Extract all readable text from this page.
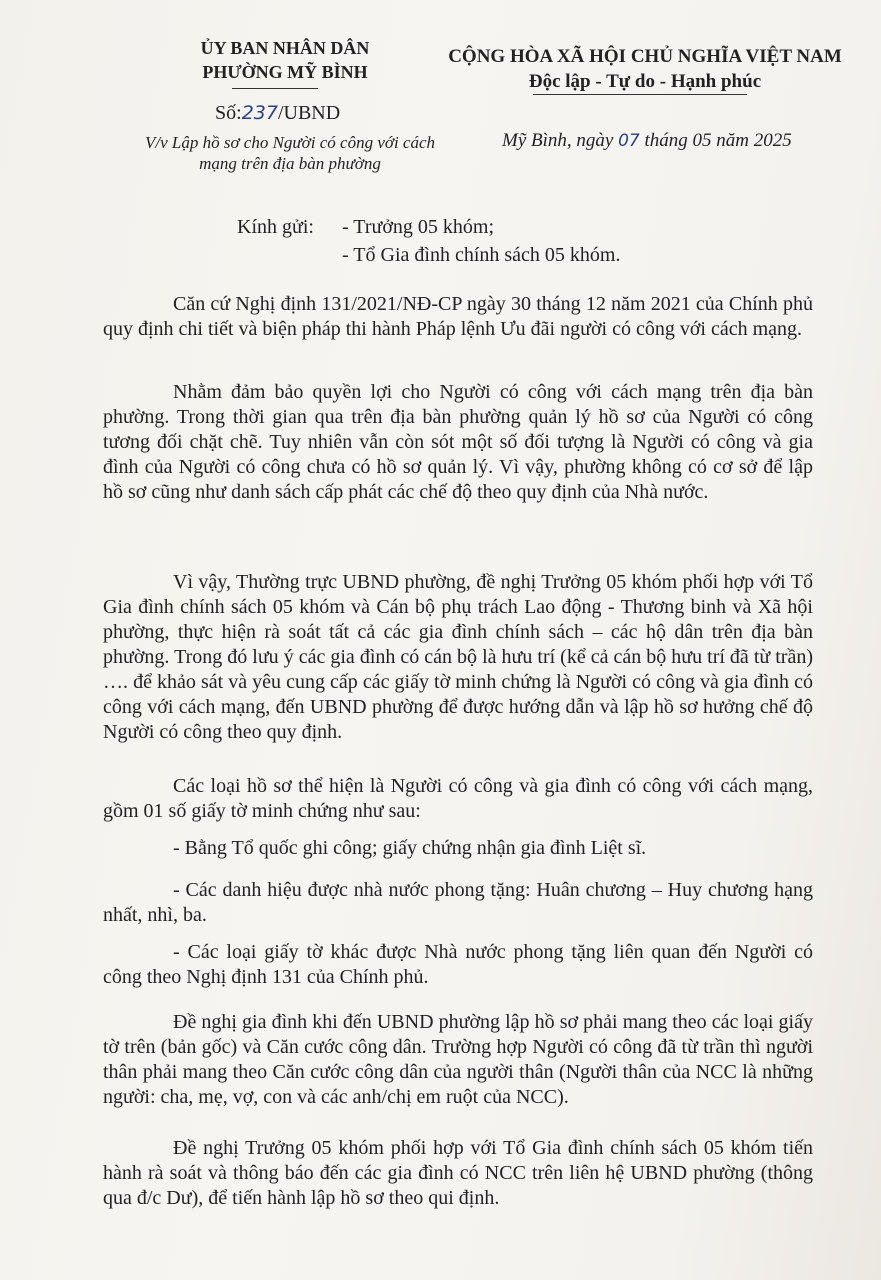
ỦY BAN NHÂN DÂN
PHƯỜNG MỸ BÌNH
CỘNG HÒA XÃ HỘI CHỦ NGHĨA VIỆT NAM
Độc lập - Tự do - Hạnh phúc
Số:237/UBND
V/v Lập hồ sơ cho Người có công với cách mạng trên địa bàn phường
Mỹ Bình, ngày 07 tháng 05 năm 2025
Kính gửi: - Trưởng 05 khóm;
- Tổ Gia đình chính sách 05 khóm.

Căn cứ Nghị định 131/2021/NĐ-CP ngày 30 tháng 12 năm 2021 của Chính phủ quy định chi tiết và biện pháp thi hành Pháp lệnh Ưu đãi người có công với cách mạng.

Nhằm đảm bảo quyền lợi cho Người có công với cách mạng trên địa bàn phường. Trong thời gian qua trên địa bàn phường quản lý hồ sơ của Người có công tương đối chặt chẽ. Tuy nhiên vẫn còn sót một số đối tượng là Người có công và gia đình của Người có công chưa có hồ sơ quản lý. Vì vậy, phường không có cơ sở để lập hồ sơ cũng như danh sách cấp phát các chế độ theo quy định của Nhà nước.

Vì vậy, Thường trực UBND phường, đề nghị Trưởng 05 khóm phối hợp với Tổ Gia đình chính sách 05 khóm và Cán bộ phụ trách Lao động - Thương binh và Xã hội phường, thực hiện rà soát tất cả các gia đình chính sách – các hộ dân trên địa bàn phường. Trong đó lưu ý các gia đình có cán bộ là hưu trí (kể cả cán bộ hưu trí đã từ trần) …. để khảo sát và yêu cung cấp các giấy tờ minh chứng là Người có công và gia đình có công với cách mạng, đến UBND phường để được hướng dẫn và lập hồ sơ hưởng chế độ Người có công theo quy định.

Các loại hồ sơ thể hiện là Người có công và gia đình có công với cách mạng, gồm 01 số giấy tờ minh chứng như sau:

- Bằng Tổ quốc ghi công; giấy chứng nhận gia đình Liệt sĩ.

- Các danh hiệu được nhà nước phong tặng: Huân chương – Huy chương hạng nhất, nhì, ba.

- Các loại giấy tờ khác được Nhà nước phong tặng liên quan đến Người có công theo Nghị định 131 của Chính phủ.

Đề nghị gia đình khi đến UBND phường lập hồ sơ phải mang theo các loại giấy tờ trên (bản gốc) và Căn cước công dân. Trường hợp Người có công đã từ trần thì người thân phải mang theo Căn cước công dân của người thân (Người thân của NCC là những người: cha, mẹ, vợ, con và các anh/chị em ruột của NCC).

Đề nghị Trưởng 05 khóm phối hợp với Tổ Gia đình chính sách 05 khóm tiến hành rà soát và thông báo đến các gia đình có NCC trên liên hệ UBND phường (thông qua đ/c Dư), để tiến hành lập hồ sơ theo qui định.
